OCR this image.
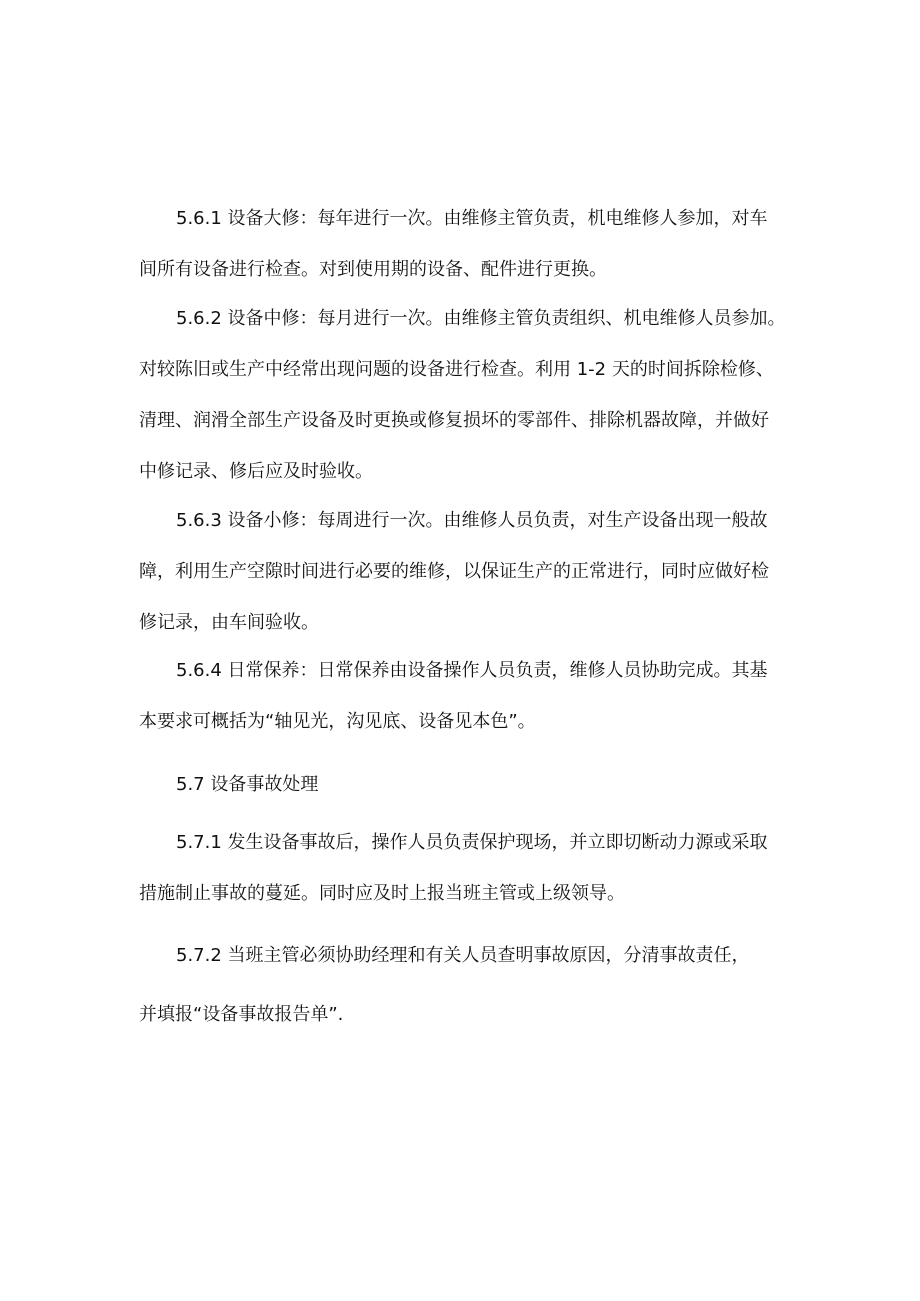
5.6.1 设备大修：每年进行一次。由维修主管负责，机电维修人参加，对车
间所有设备进行检查。对到使用期的设备、配件进行更换。
5.6.2 设备中修：每月进行一次。由维修主管负责组织、机电维修人员参加。
对较陈旧或生产中经常出现问题的设备进行检查。利用 1-2 天的时间拆除检修、
清理、润滑全部生产设备及时更换或修复损坏的零部件、排除机器故障，并做好
中修记录、修后应及时验收。
5.6.3 设备小修：每周进行一次。由维修人员负责，对生产设备出现一般故
障，利用生产空隙时间进行必要的维修，以保证生产的正常进行，同时应做好检
修记录，由车间验收。
5.6.4 日常保养：日常保养由设备操作人员负责，维修人员协助完成。其基
本要求可概括为“轴见光，沟见底、设备见本色”。
5.7 设备事故处理
5.7.1 发生设备事故后，操作人员负责保护现场，并立即切断动力源或采取
措施制止事故的蔓延。同时应及时上报当班主管或上级领导。
5.7.2 当班主管必须协助经理和有关人员查明事故原因，分清事故责任，
并填报“设备事故报告单”.
